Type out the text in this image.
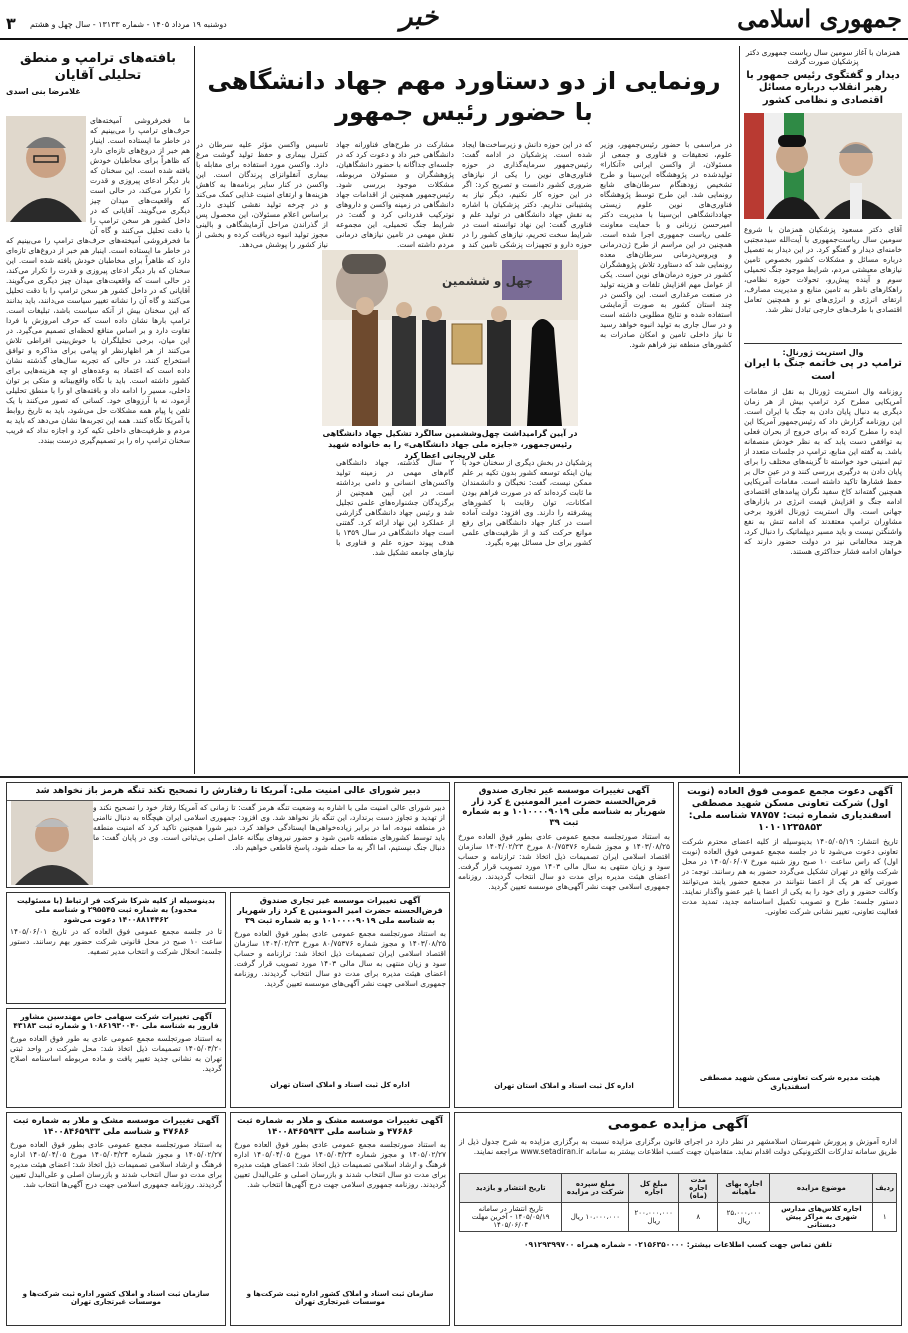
جمهوری اسلامی
خبر
دوشنبه ۱۹ مرداد ۱۴۰۵ - شماره ۱۳۱۳۳ - سال چهل و هشتم
۳
همزمان با آغاز سومین سال ریاست جمهوری دکتر پزشکیان صورت گرفت
دیدار و گفتگوی رئیس جمهور با رهبر انقلاب درباره مسائل اقتصادی و نظامی کشور
آقای دکتر مسعود پزشکیان همزمان با شروع سومین سال ریاست‌جمهوری با آیت‌الله سیدمجتبی خامنه‌ای دیدار و گفتگو کرد. در این دیدار به تفصیل درباره مسائل و مشکلات کشور بخصوص تامین نیازهای معیشتی مردم، شرایط موجود جنگ تحمیلی سوم و آینده پیش‌رو، تحولات حوزه نظامی، راهکارهای ناظر به تامین منابع و مدیریت مصارف، ارتقای انرژی و انرژی‌های نو و همچنین تعامل اقتصادی با طرف‌های خارجی تبادل نظر شد.
وال استریت ژورنال:
ترامپ در پی خاتمه جنگ با ایران است
روزنامه وال استریت ژورنال به نقل از مقامات آمریکایی مطرح کرد ترامپ بیش از هر زمان دیگری به دنبال پایان دادن به جنگ با ایران است. این روزنامه گزارش داد که رئیس‌جمهور آمریکا این ایده را مطرح کرده که برای خروج از بحران فعلی به توافقی دست یابد که به نظر خودش منصفانه باشد. به گفته این منابع، ترامپ در جلسات متعدد از تیم امنیتی خود خواسته تا گزینه‌های مختلف را برای پایان دادن به درگیری بررسی کنند و در عین حال بر حفظ فشارها تاکید داشته است. مقامات آمریکایی همچنین گفته‌اند کاخ سفید نگران پیامدهای اقتصادی ادامه جنگ و افزایش قیمت انرژی در بازارهای جهانی است. وال استریت ژورنال افزود برخی مشاوران ترامپ معتقدند که ادامه تنش به نفع واشنگتن نیست و باید مسیر دیپلماتیک را دنبال کرد، هرچند مخالفانی نیز در دولت حضور دارند که خواهان ادامه فشار حداکثری هستند.
رونمایی از دو دستاورد مهم جهاد دانشگاهی با حضور رئیس جمهور
در مراسمی با حضور رئیس‌جمهور، وزیر علوم، تحقیقات و فناوری و جمعی از مسئولان، از واکسن ایرانی «آنکارا» تولیدشده در پژوهشگاه ابن‌سینا و طرح تشخیص زودهنگام سرطان‌های شایع رونمایی شد. این طرح توسط پژوهشگاه فناوری‌های نوین علوم زیستی جهاددانشگاهی ابن‌سینا با مدیریت دکتر امیرحسن زرنانی و با حمایت معاونت علمی ریاست جمهوری اجرا شده است. همچنین در این مراسم از طرح ژن‌درمانی و ویروس‌درمانی سرطان‌های معده رونمایی شد که دستاورد تلاش پژوهشگران کشور در حوزه درمان‌های نوین است. یکی از عوامل مهم افزایش تلفات و هزینه تولید در صنعت مرغداری است. این واکسن در چند استان کشور به صورت آزمایشی استفاده شده و نتایج مطلوبی داشته است و در سال جاری به تولید انبوه خواهد رسید تا نیاز داخلی تامین و امکان صادرات به کشورهای منطقه نیز فراهم شود.
که در این حوزه دانش و زیرساخت‌ها ایجاد شده است. پزشکیان در ادامه گفت: رئیس‌جمهور سرمایه‌گذاری در حوزه فناوری‌های نوین را یکی از نیازهای ضروری کشور دانست و تصریح کرد: اگر در این حوزه کار نکنیم، دیگر نیاز به پشتیبانی نداریم. دکتر پزشکیان با اشاره به نقش جهاد دانشگاهی در تولید علم و فناوری گفت: این نهاد توانسته است در شرایط سخت تحریم، نیازهای کشور را در حوزه دارو و تجهیزات پزشکی تامین کند و
مشارکت در طرح‌های فناورانه جهاد دانشگاهی خبر داد و دعوت کرد که در جلسه‌ای جداگانه با حضور دانشگاهیان، پژوهشگران و مسئولان مربوطه، مشکلات موجود بررسی شود. رئیس‌جمهور همچنین از اقدامات جهاد دانشگاهی در زمینه واکسن و داروهای نوترکیب قدردانی کرد و گفت: در شرایط جنگ تحمیلی، این مجموعه نقش مهمی در تامین نیازهای درمانی مردم داشته است.
تاسیس واکسن مؤثر علیه سرطان در کنترل بیماری و حفظ تولید گوشت مرغ دارد. واکسن مورد استفاده برای مقابله با بیماری آنفلوانزای پرندگان است. این واکسن در کنار سایر برنامه‌ها به کاهش هزینه‌ها و ارتقای امنیت غذایی کمک می‌کند و در چرخه تولید نقشی کلیدی دارد. براساس اعلام مسئولان، این محصول پس از گذراندن مراحل آزمایشگاهی و بالینی مجوز تولید انبوه دریافت کرده و بخشی از نیاز کشور را پوشش می‌دهد.
چهل و ششمین
در آیین گرامیداشت چهل‌وششمین سالگرد تشکیل جهاد دانشگاهی رئیس‌جمهور، «جایزه ملی جهاد دانشگاهی» را به خانواده شهید علی لاریجانی اعطا کرد
پزشکیان در بخش دیگری از سخنان خود با بیان اینکه توسعه کشور بدون تکیه بر علم ممکن نیست، گفت: نخبگان و دانشمندان ما ثابت کرده‌اند که در صورت فراهم بودن امکانات، توان رقابت با کشورهای پیشرفته را دارند. وی افزود: دولت آماده است در کنار جهاد دانشگاهی برای رفع موانع حرکت کند و از ظرفیت‌های علمی کشور برای حل مسائل بهره بگیرد.
۲ سال گذشته، جهاد دانشگاهی گام‌های مهمی در زمینه تولید واکسن‌های انسانی و دامی برداشته است. در این آیین همچنین از برگزیدگان جشنواره‌های علمی تجلیل شد و رئیس جهاد دانشگاهی گزارشی از عملکرد این نهاد ارائه کرد. گفتنی است جهاد دانشگاهی در سال ۱۳۵۹ با هدف پیوند حوزه علم و فناوری با نیازهای جامعه تشکیل شد.
بافته‌های ترامپ و منطق تحلیلی آقایان
غلامرضا بنی اسدی
ما فخرفروشی آمیخته‌های حرف‌های ترامپ را می‌بینیم که در خاطر ما ایستاده است. اینبار هم خبر از دروغ‌های تازه‌ای دارد که ظاهراً برای مخاطبان خودش بافته شده است. این سخنان که بار دیگر ادعای پیروزی و قدرت را تکرار می‌کند، در حالی است که واقعیت‌های میدان چیز دیگری می‌گویند. آقایانی که در داخل کشور هر سخن ترامپ را با دقت تحلیل می‌کنند و گاه آن
ما فخرفروشی آمیخته‌های حرف‌های ترامپ را می‌بینیم که در خاطر ما ایستاده است. اینبار هم خبر از دروغ‌های تازه‌ای دارد که ظاهراً برای مخاطبان خودش بافته شده است. این سخنان که بار دیگر ادعای پیروزی و قدرت را تکرار می‌کند، در حالی است که واقعیت‌های میدان چیز دیگری می‌گویند. آقایانی که در داخل کشور هر سخن ترامپ را با دقت تحلیل می‌کنند و گاه آن را نشانه تغییر سیاست می‌دانند، باید بدانند که این سخنان بیش از آنکه سیاست باشد، تبلیغات است. ترامپ بارها نشان داده است که حرف امروزش با فردا تفاوت دارد و بر اساس منافع لحظه‌ای تصمیم می‌گیرد. در این میان، برخی تحلیلگران با خوش‌بینی افراطی تلاش می‌کنند از هر اظهارنظر او پیامی برای مذاکره و توافق استخراج کنند، در حالی که تجربه سال‌های گذشته نشان داده است که اعتماد به وعده‌های او چه هزینه‌هایی برای کشور داشته است. باید با نگاه واقع‌بینانه و متکی بر توان داخلی، مسیر را ادامه داد و بافته‌های او را با منطق تحلیلی آزمود، نه با آرزوهای خود. کسانی که تصور می‌کنند با یک تلفن یا پیام همه مشکلات حل می‌شود، باید به تاریخ روابط با آمریکا نگاه کنند. همه این تجربه‌ها نشان می‌دهد که باید به مردم و ظرفیت‌های داخلی تکیه کرد و اجازه نداد که فریب سخنان ترامپ راه را بر تصمیم‌گیری درست ببندد.
دبیر شورای عالی امنیت ملی: آمریکا تا رفتارش را تصحیح نکند تنگه هرمز باز نخواهد شد
دبیر شورای عالی امنیت ملی با اشاره به وضعیت تنگه هرمز گفت: تا زمانی که آمریکا رفتار خود را تصحیح نکند و از تهدید و تجاوز دست برندارد، این تنگه باز نخواهد شد. وی افزود: جمهوری اسلامی ایران هیچگاه به دنبال ناامنی در منطقه نبوده، اما در برابر زیاده‌خواهی‌ها ایستادگی خواهد کرد. دبیر شورا همچنین تاکید کرد که امنیت منطقه باید توسط کشورهای منطقه تامین شود و حضور نیروهای بیگانه عامل اصلی بی‌ثباتی است. وی در پایان گفت: ما دنبال جنگ نیستیم، اما اگر به ما حمله شود، پاسخ قاطعی خواهیم داد.
بدینوسیله از کلیه شرکا شرکت فر ارتباط (با مسئولیت محدود) به شماره ثبت ۲۹۵۵۴۵ و شناسه ملی ۱۴۰۰۸۸۱۴۴۶۲ دعوت می‌شود
تا در جلسه مجمع عمومی فوق العاده که در تاریخ ۱۴۰۵/۰۶/۰۱ ساعت ۱۰ صبح در محل قانونی شرکت حضور بهم رسانند. دستور جلسه: انحلال شرکت و انتخاب مدیر تصفیه.
آگهی تغییرات شرکت سهامی خاص مهندسین مشاور فارور به شناسه ملی ۱۰۸۶۱۹۳۰۰۴۰ و شماره ثبت ۴۳۱۸۳
به استناد صورتجلسه مجمع عمومی عادی به طور فوق العاده مورخ ۱۴۰۵/۰۳/۲۰ تصمیمات ذیل اتخاذ شد: محل شرکت در واحد ثبتی تهران به نشانی جدید تغییر یافت و ماده مربوطه اساسنامه اصلاح گردید.
آگهی تغییرات موسسه غیر تجاری صندوق قرض‌الحسنه حضرت امیر المومنین ع کرد زار شهریار به شناسه ملی ۱۰۱۰۰۰۰۹۰۱۹ و به شماره ثبت ۳۹
به استناد صورتجلسه مجمع عمومی عادی بطور فوق العاده مورخ ۱۴۰۳/۰۸/۲۵ و مجوز شماره ۸۰/۷۵۳۷۶ مورخ ۱۴۰۴/۰۲/۲۳ سازمان اقتصاد اسلامی ایران تصمیمات ذیل اتخاذ شد: ترازنامه و حساب سود و زیان منتهی به سال مالی ۱۴۰۳ مورد تصویب قرار گرفت. اعضای هیئت مدیره برای مدت دو سال انتخاب گردیدند. روزنامه جمهوری اسلامی جهت نشر آگهی‌های موسسه تعیین گردید.
اداره کل ثبت اسناد و املاک استان تهران
آگهی تغییرات موسسه غیر تجاری صندوق قرض‌الحسنه حضرت امیر المومنین ع کرد زار شهریار به شناسه ملی ۱۰۱۰۰۰۰۹۰۱۹ و به شماره ثبت ۳۹
به استناد صورتجلسه مجمع عمومی عادی بطور فوق العاده مورخ ۱۴۰۳/۰۸/۲۵ و مجوز شماره ۸۰/۷۵۳۷۶ مورخ ۱۴۰۴/۰۲/۲۳ سازمان اقتصاد اسلامی ایران تصمیمات ذیل اتخاذ شد: ترازنامه و حساب سود و زیان منتهی به سال مالی ۱۴۰۳ مورد تصویب قرار گرفت. اعضای هیئت مدیره برای مدت دو سال انتخاب گردیدند. روزنامه جمهوری اسلامی جهت نشر آگهی‌های موسسه تعیین گردید.
اداره کل ثبت اسناد و املاک استان تهران
آگهی دعوت مجمع عمومی فوق العاده (نوبت اول) شرکت تعاونی مسکن شهید مصطفی اسفندیاری شماره ثبت: ۷۸۷۵۷ شناسه ملی: ۱۰۱۰۱۲۳۵۸۵۳
تاریخ انتشار: ۱۴۰۵/۰۵/۱۹ بدینوسیله از کلیه اعضای محترم شرکت تعاونی دعوت می‌شود تا در جلسه مجمع عمومی فوق العاده (نوبت اول) که راس ساعت ۱۰ صبح روز شنبه مورخ ۱۴۰۵/۰۶/۰۷ در محل شرکت واقع در تهران تشکیل می‌گردد حضور به هم رسانند. توجه: در صورتی که هر یک از اعضا نتوانند در مجمع حضور یابند می‌توانند وکالت حضور و رای خود را به یکی از اعضا یا غیر عضو واگذار نمایند. دستور جلسه: طرح و تصویب تکمیل اساسنامه جدید، تمدید مدت فعالیت تعاونی، تغییر نشانی شرکت تعاونی.
هیئت مدیره شرکت تعاونی مسکن شهید مصطفی اسفندیاری
آگهی تغییرات موسسه مشک و ملار به شماره ثبت ۴۷۶۸۶ و شناسه ملی ۱۴۰۰۸۴۶۵۹۳۳
به استناد صورتجلسه مجمع عمومی عادی بطور فوق العاده مورخ ۱۴۰۵/۰۲/۲۷ و مجوز شماره ۱۴۰۵/۰۳/۲۴ مورخ ۱۴۰۵/۰۴/۰۵ اداره فرهنگ و ارشاد اسلامی تصمیمات ذیل اتخاذ شد: اعضای هیئت مدیره برای مدت دو سال انتخاب شدند و بازرسان اصلی و علی‌البدل تعیین گردیدند. روزنامه جمهوری اسلامی جهت درج آگهی‌ها انتخاب شد.
سازمان ثبت اسناد و املاک کشور اداره ثبت شرکت‌ها و موسسات غیرتجاری تهران
آگهی تغییرات موسسه مشک و ملار به شماره ثبت ۴۷۶۸۶ و شناسه ملی ۱۴۰۰۸۴۶۵۹۳۳
به استناد صورتجلسه مجمع عمومی عادی بطور فوق العاده مورخ ۱۴۰۵/۰۲/۲۷ و مجوز شماره ۱۴۰۵/۰۳/۲۴ مورخ ۱۴۰۵/۰۴/۰۵ اداره فرهنگ و ارشاد اسلامی تصمیمات ذیل اتخاذ شد: اعضای هیئت مدیره برای مدت دو سال انتخاب شدند و بازرسان اصلی و علی‌البدل تعیین گردیدند. روزنامه جمهوری اسلامی جهت درج آگهی‌ها انتخاب شد.
سازمان ثبت اسناد و املاک کشور اداره ثبت شرکت‌ها و موسسات غیرتجاری تهران
آگهی مزایده عمومی
اداره آموزش و پرورش شهرستان اسلامشهر در نظر دارد در اجرای قانون برگزاری مزایده نسبت به برگزاری مزایده به شرح جدول ذیل از طریق سامانه تدارکات الکترونیکی دولت اقدام نماید. متقاضیان جهت کسب اطلاعات بیشتر به سامانه www.setadiran.ir مراجعه نمایند.
ردیف	موضوع مزایده	اجاره بهای ماهیانه	مدت اجاره (ماه)	مبلغ کل اجاره	مبلغ سپرده شرکت در مزایده	تاریخ انتشار و بازدید
۱	اجاره کلاس‌های مدارس شهری به مراکز پیش دبستانی	۲۵،۰۰۰،۰۰۰ ریال	۸	۲۰۰،۰۰۰،۰۰۰ ریال	۱۰،۰۰۰،۰۰۰ ریال	تاریخ انتشار در سامانه ۱۴۰۵/۰۵/۱۹ - آخرین مهلت ۱۴۰۵/۰۶/۰۴
تلفن تماس جهت کسب اطلاعات بیشتر: ۰۲۱۵۶۳۵۰۰۰۰ - شماره همراه ۰۹۱۲۹۳۹۹۷۰۰
